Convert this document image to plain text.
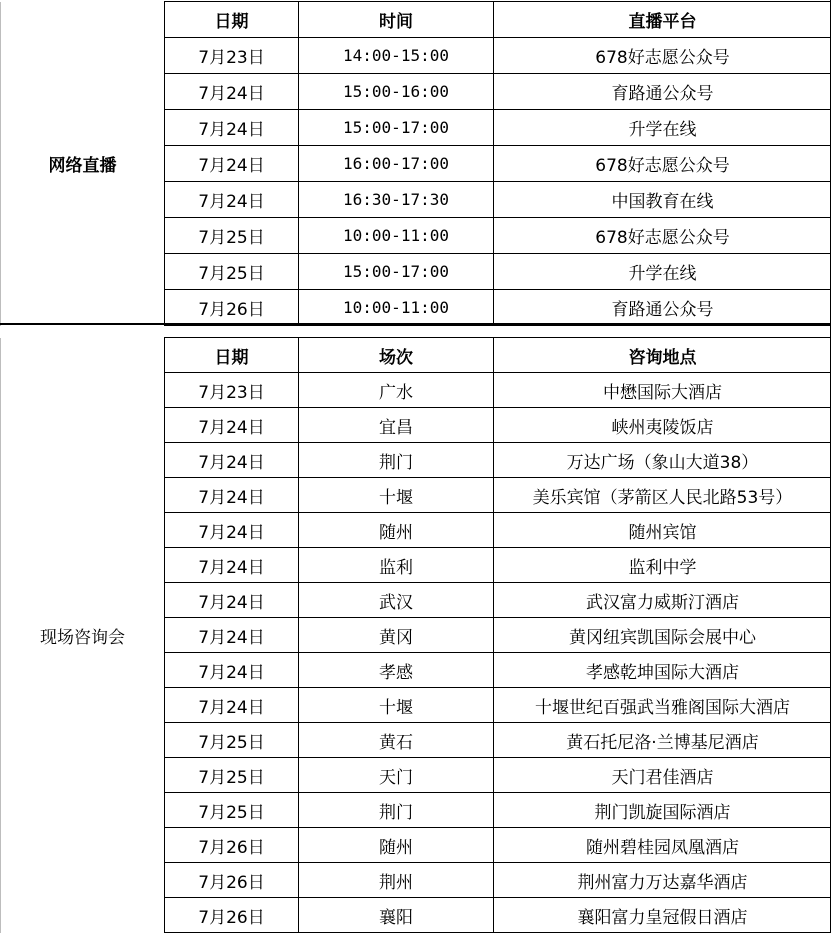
网络直播	日期	时间	直播平台
	7月23日	14:00-15:00	678好志愿公众号
	7月24日	15:00-16:00	育路通公众号
	7月24日	15:00-17:00	升学在线
	7月24日	16:00-17:00	678好志愿公众号
	7月24日	16:30-17:30	中国教育在线
	7月25日	10:00-11:00	678好志愿公众号
	7月25日	15:00-17:00	升学在线
	7月26日	10:00-11:00	育路通公众号
现场咨询会	日期	场次	咨询地点
	7月23日	广水	中懋国际大酒店
	7月24日	宜昌	峡州夷陵饭店
	7月24日	荆门	万达广场（象山大道38）
	7月24日	十堰	美乐宾馆（茅箭区人民北路53号）
	7月24日	随州	随州宾馆
	7月24日	监利	监利中学
	7月24日	武汉	武汉富力威斯汀酒店
	7月24日	黄冈	黄冈纽宾凯国际会展中心
	7月24日	孝感	孝感乾坤国际大酒店
	7月24日	十堰	十堰世纪百强武当雅阁国际大酒店
	7月25日	黄石	黄石托尼洛·兰博基尼酒店
	7月25日	天门	天门君佳酒店
	7月25日	荆门	荆门凯旋国际酒店
	7月26日	随州	随州碧桂园凤凰酒店
	7月26日	荆州	荆州富力万达嘉华酒店
	7月26日	襄阳	襄阳富力皇冠假日酒店
